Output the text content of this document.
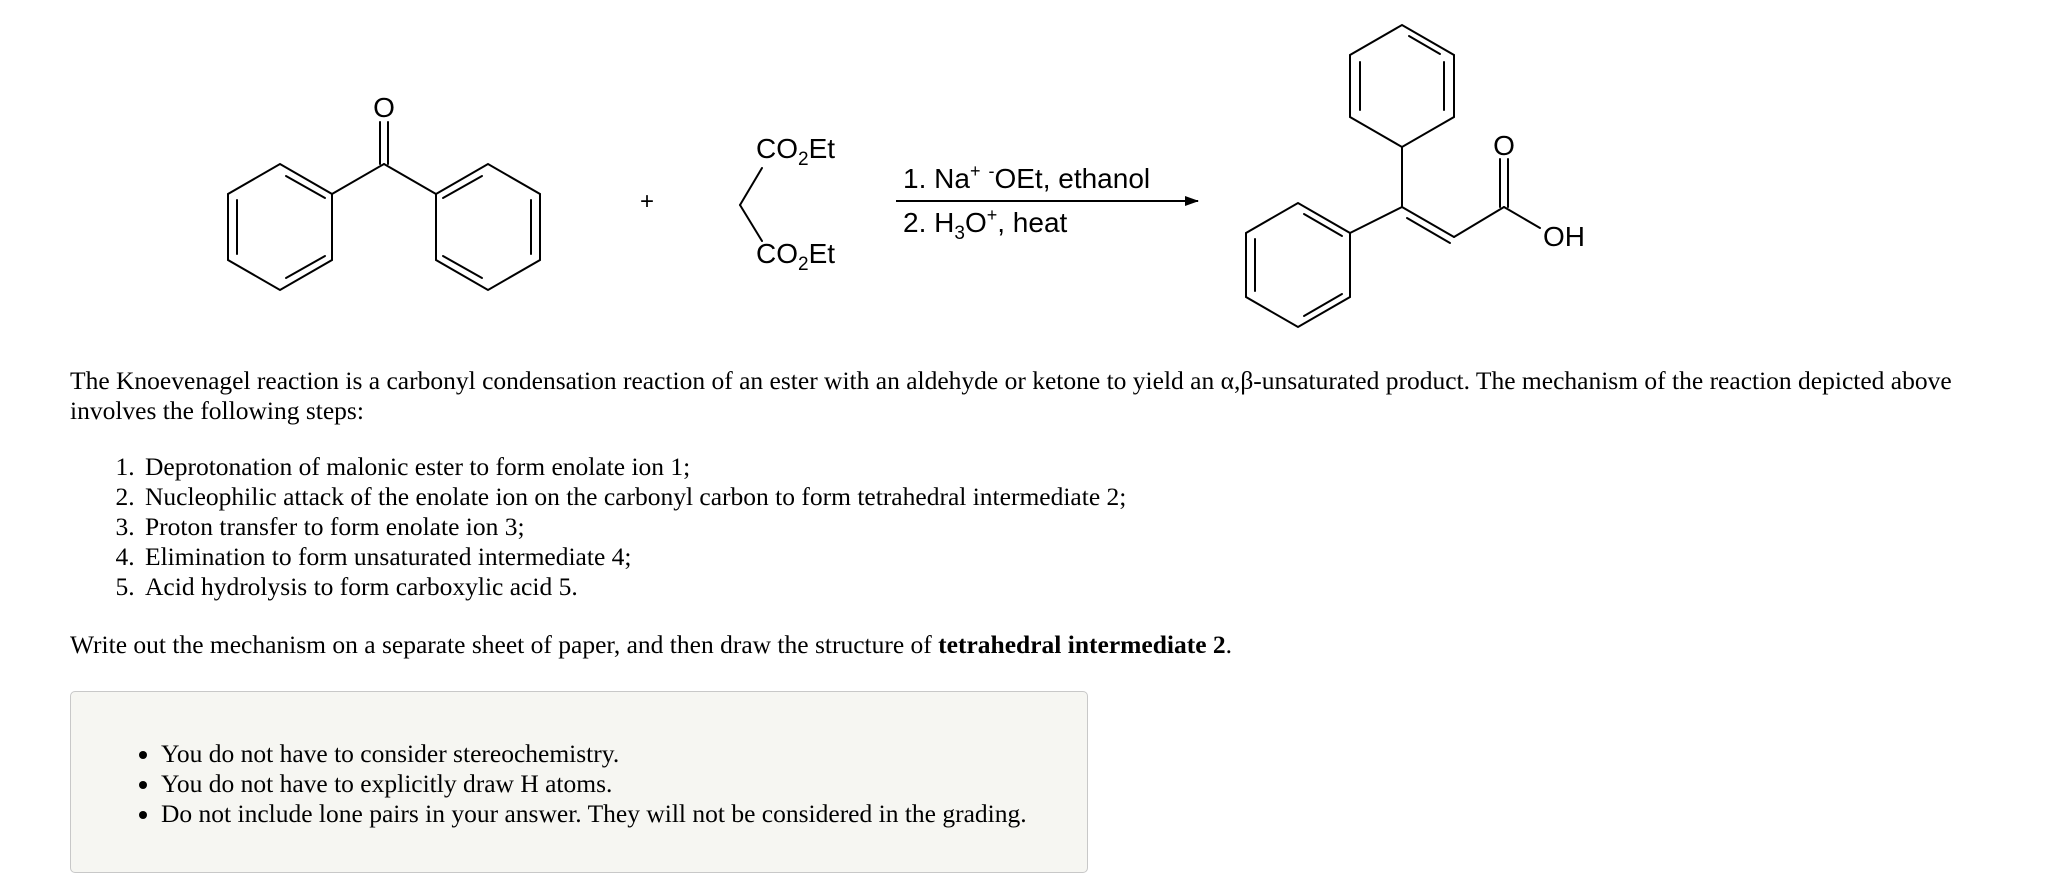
O
+
$CO_2Et$
$CO_2Et$
1. Na+ -OEt, ethanol
2. $H_3O^+$, heat
O
OH

The Knoevenagel reaction is a carbonyl condensation reaction of an ester with an aldehyde or ketone to yield an α,β-unsaturated product. The mechanism of the reaction depicted above involves the following steps:

1. Deprotonation of malonic ester to form enolate ion 1;
2. Nucleophilic attack of the enolate ion on the carbonyl carbon to form tetrahedral intermediate 2;
3. Proton transfer to form enolate ion 3;
4. Elimination to form unsaturated intermediate 4;
5. Acid hydrolysis to form carboxylic acid 5.

Write out the mechanism on a separate sheet of paper, and then draw the structure of tetrahedral intermediate 2.

• You do not have to consider stereochemistry.
• You do not have to explicitly draw H atoms.
• Do not include lone pairs in your answer. They will not be considered in the grading.
